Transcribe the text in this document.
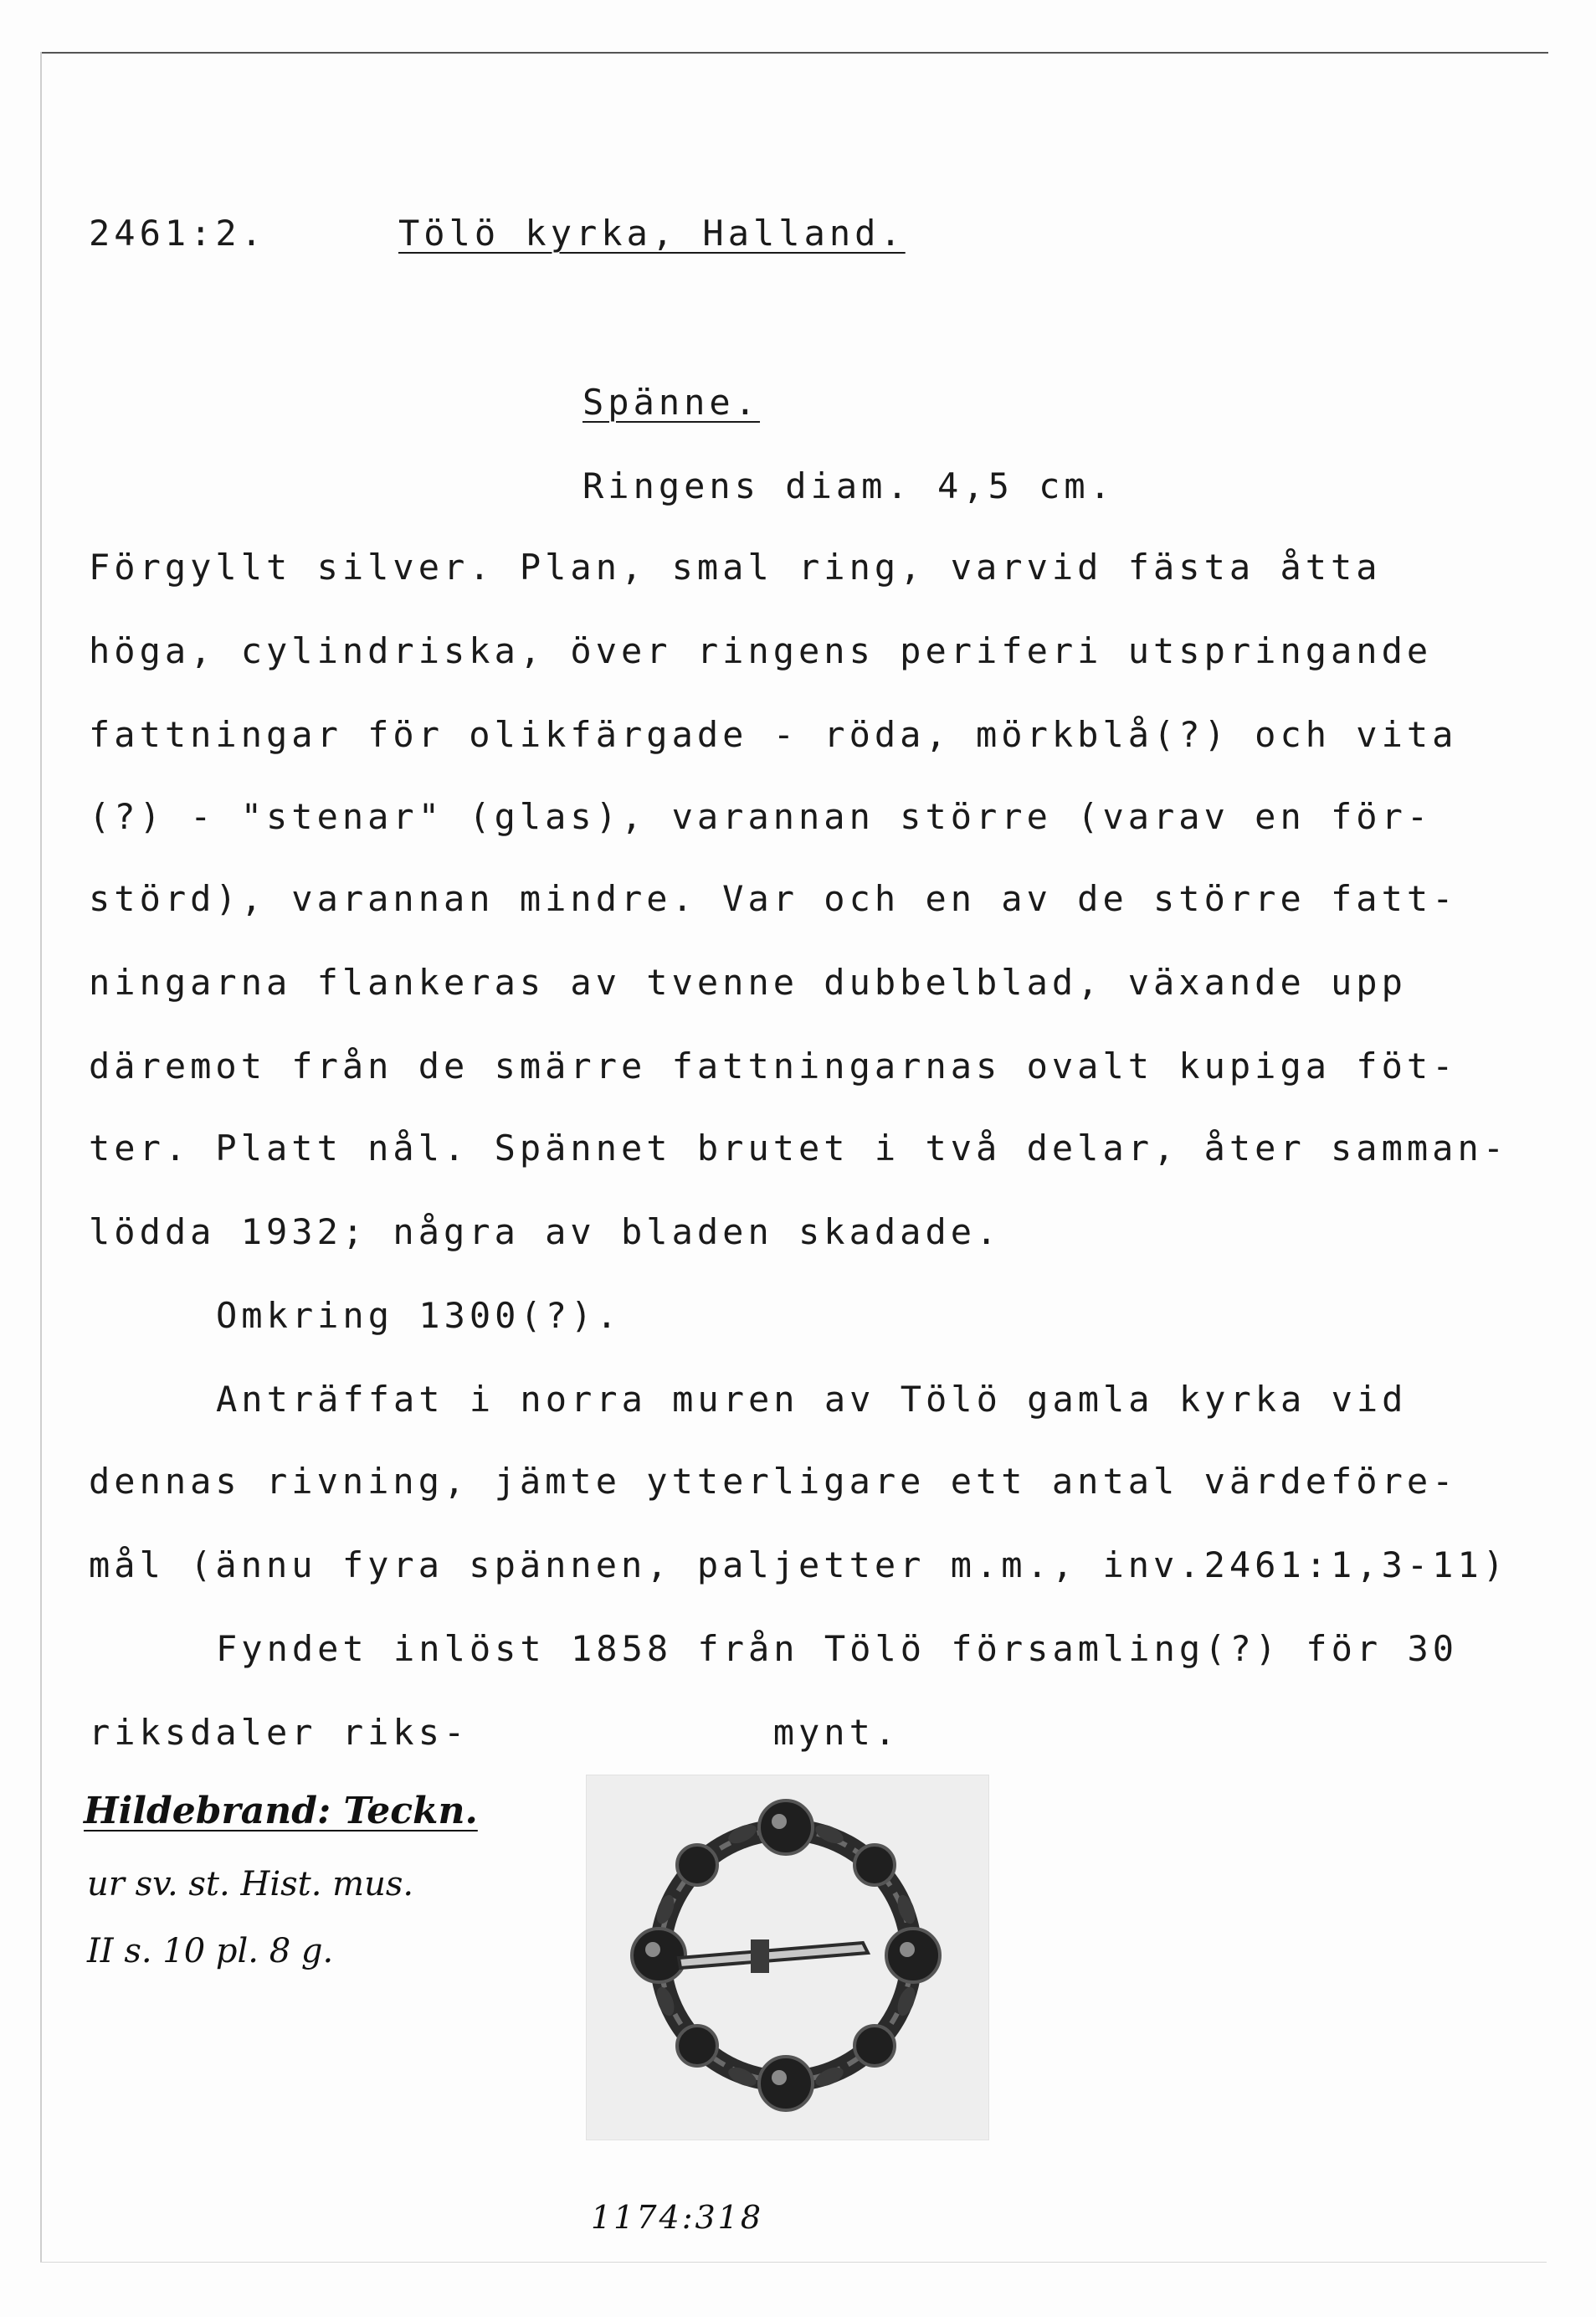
2461:2.	Tölö kyrka, Halland.
Spänne.
Ringens diam. 4,5 cm.
Förgyllt silver. Plan, smal ring, varvid fästa åtta
höga, cylindriska, över ringens periferi utspringande
fattningar för olikfärgade - röda, mörkblå(?) och vita
(?) - "stenar" (glas), varannan större (varav en för-
störd), varannan mindre. Var och en av de större fatt-
ningarna flankeras av tvenne dubbelblad, växande upp
däremot från de smärre fattningarnas ovalt kupiga föt-
ter. Platt nål. Spännet brutet i två delar, åter samman-
lödda 1932; några av bladen skadade.
Omkring 1300(?).
Anträffat i norra muren av Tölö gamla kyrka vid
dennas rivning, jämte ytterligare ett antal värdeföre-
mål (ännu fyra spännen, paljetter m.m., inv.2461:1,3-11)
Fyndet inlöst 1858 från Tölö församling(?) för 30
riksdaler riks-            mynt.
Hildebrand: Teckn.
ur sv. st. Hist. mus.
II s. 10 pl. 8 g.
1174:318
